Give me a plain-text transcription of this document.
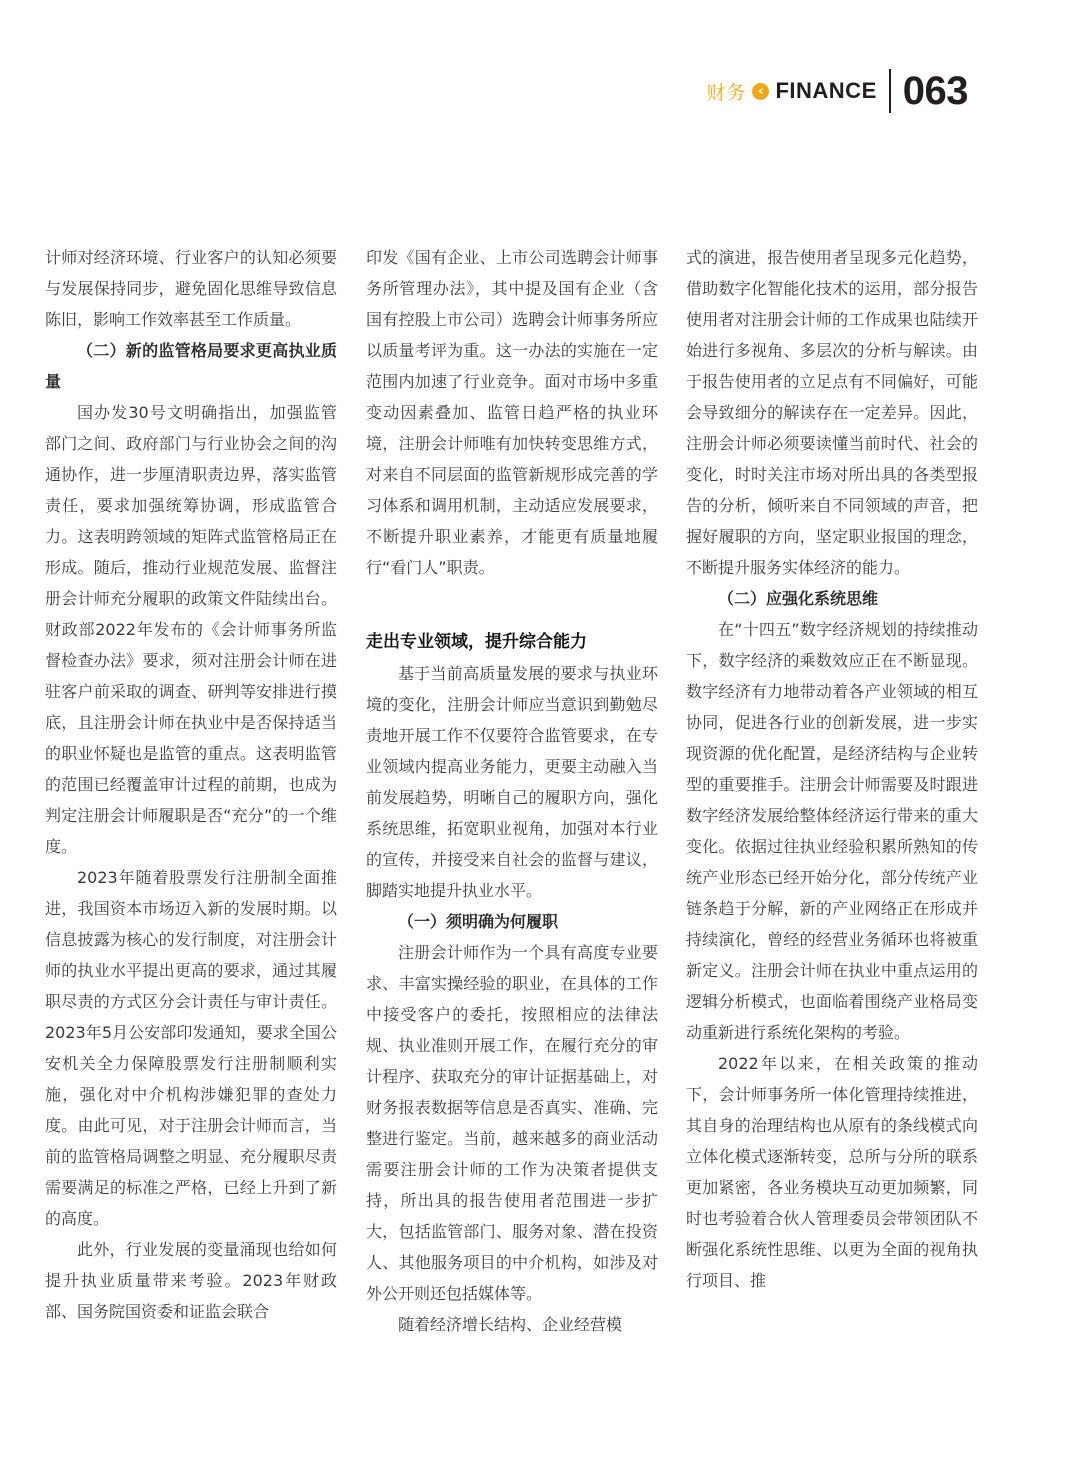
财务 ‹ FINANCE 063

计师对经济环境、行业客户的认知必须要与发展保持同步，避免固化思维导致信息陈旧，影响工作效率甚至工作质量。

（二）新的监管格局要求更高执业质量

国办发30号文明确指出，加强监管部门之间、政府部门与行业协会之间的沟通协作，进一步厘清职责边界，落实监管责任，要求加强统筹协调，形成监管合力。这表明跨领域的矩阵式监管格局正在形成。随后，推动行业规范发展、监督注册会计师充分履职的政策文件陆续出台。财政部2022年发布的《会计师事务所监督检查办法》要求，须对注册会计师在进驻客户前采取的调查、研判等安排进行摸底，且注册会计师在执业中是否保持适当的职业怀疑也是监管的重点。这表明监管的范围已经覆盖审计过程的前期，也成为判定注册会计师履职是否“充分”的一个维度。

2023年随着股票发行注册制全面推进，我国资本市场迈入新的发展时期。以信息披露为核心的发行制度，对注册会计师的执业水平提出更高的要求，通过其履职尽责的方式区分会计责任与审计责任。2023年5月公安部印发通知，要求全国公安机关全力保障股票发行注册制顺利实施，强化对中介机构涉嫌犯罪的查处力度。由此可见，对于注册会计师而言，当前的监管格局调整之明显、充分履职尽责需要满足的标准之严格，已经上升到了新的高度。

此外，行业发展的变量涌现也给如何提升执业质量带来考验。2023年财政部、国务院国资委和证监会联合

印发《国有企业、上市公司选聘会计师事务所管理办法》，其中提及国有企业（含国有控股上市公司）选聘会计师事务所应以质量考评为重。这一办法的实施在一定范围内加速了行业竞争。面对市场中多重变动因素叠加、监管日趋严格的执业环境，注册会计师唯有加快转变思维方式，对来自不同层面的监管新规形成完善的学习体系和调用机制，主动适应发展要求，不断提升职业素养，才能更有质量地履行“看门人”职责。

走出专业领域，提升综合能力

基于当前高质量发展的要求与执业环境的变化，注册会计师应当意识到勤勉尽责地开展工作不仅要符合监管要求，在专业领域内提高业务能力，更要主动融入当前发展趋势，明晰自己的履职方向，强化系统思维，拓宽职业视角，加强对本行业的宣传，并接受来自社会的监督与建议，脚踏实地提升执业水平。

（一）须明确为何履职

注册会计师作为一个具有高度专业要求、丰富实操经验的职业，在具体的工作中接受客户的委托，按照相应的法律法规、执业准则开展工作，在履行充分的审计程序、获取充分的审计证据基础上，对财务报表数据等信息是否真实、准确、完整进行鉴定。当前，越来越多的商业活动需要注册会计师的工作为决策者提供支持，所出具的报告使用者范围进一步扩大，包括监管部门、服务对象、潜在投资人、其他服务项目的中介机构，如涉及对外公开则还包括媒体等。

随着经济增长结构、企业经营模

式的演进，报告使用者呈现多元化趋势，借助数字化智能化技术的运用，部分报告使用者对注册会计师的工作成果也陆续开始进行多视角、多层次的分析与解读。由于报告使用者的立足点有不同偏好，可能会导致细分的解读存在一定差异。因此，注册会计师必须要读懂当前时代、社会的变化，时时关注市场对所出具的各类型报告的分析，倾听来自不同领域的声音，把握好履职的方向，坚定职业报国的理念，不断提升服务实体经济的能力。

（二）应强化系统思维

在“十四五”数字经济规划的持续推动下，数字经济的乘数效应正在不断显现。数字经济有力地带动着各产业领域的相互协同，促进各行业的创新发展，进一步实现资源的优化配置，是经济结构与企业转型的重要推手。注册会计师需要及时跟进数字经济发展给整体经济运行带来的重大变化。依据过往执业经验积累所熟知的传统产业形态已经开始分化，部分传统产业链条趋于分解，新的产业网络正在形成并持续演化，曾经的经营业务循环也将被重新定义。注册会计师在执业中重点运用的逻辑分析模式，也面临着围绕产业格局变动重新进行系统化架构的考验。

2022年以来，在相关政策的推动下，会计师事务所一体化管理持续推进，其自身的治理结构也从原有的条线模式向立体化模式逐渐转变，总所与分所的联系更加紧密，各业务模块互动更加频繁，同时也考验着合伙人管理委员会带领团队不断强化系统性思维、以更为全面的视角执行项目、推
